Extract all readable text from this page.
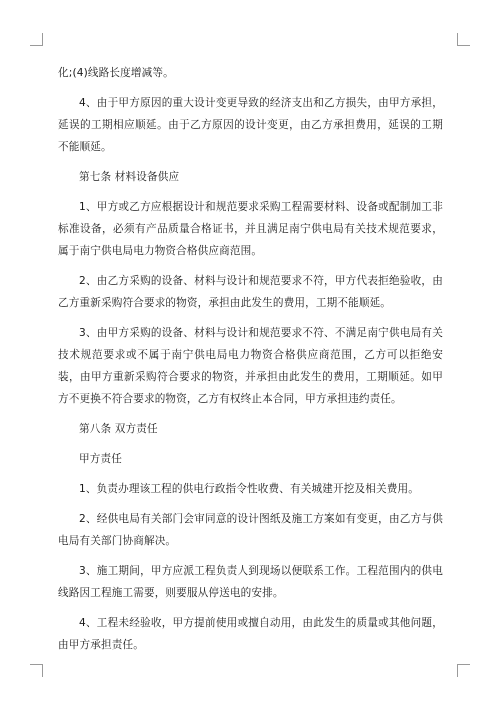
化;(4)线路长度增减等。

4、由于甲方原因的重大设计变更导致的经济支出和乙方损失，由甲方承担，延误的工期相应顺延。由于乙方原因的设计变更，由乙方承担费用，延误的工期不能顺延。

第七条 材料设备供应

1、甲方或乙方应根据设计和规范要求采购工程需要材料、设备或配制加工非标准设备，必须有产品质量合格证书，并且满足南宁供电局有关技术规范要求，属于南宁供电局电力物资合格供应商范围。

2、由乙方采购的设备、材料与设计和规范要求不符，甲方代表拒绝验收，由乙方重新采购符合要求的物资，承担由此发生的费用，工期不能顺延。

3、由甲方采购的设备、材料与设计和规范要求不符、不满足南宁供电局有关技术规范要求或不属于南宁供电局电力物资合格供应商范围，乙方可以拒绝安装，由甲方重新采购符合要求的物资，并承担由此发生的费用，工期顺延。如甲方不更换不符合要求的物资，乙方有权终止本合同，甲方承担违约责任。

第八条 双方责任

甲方责任

1、负责办理该工程的供电行政指令性收费、有关城建开挖及相关费用。

2、经供电局有关部门会审同意的设计图纸及施工方案如有变更，由乙方与供电局有关部门协商解决。

3、施工期间，甲方应派工程负责人到现场以便联系工作。工程范围内的供电线路因工程施工需要，则要服从停送电的安排。

4、工程未经验收，甲方提前使用或擅自动用，由此发生的质量或其他问题，由甲方承担责任。
